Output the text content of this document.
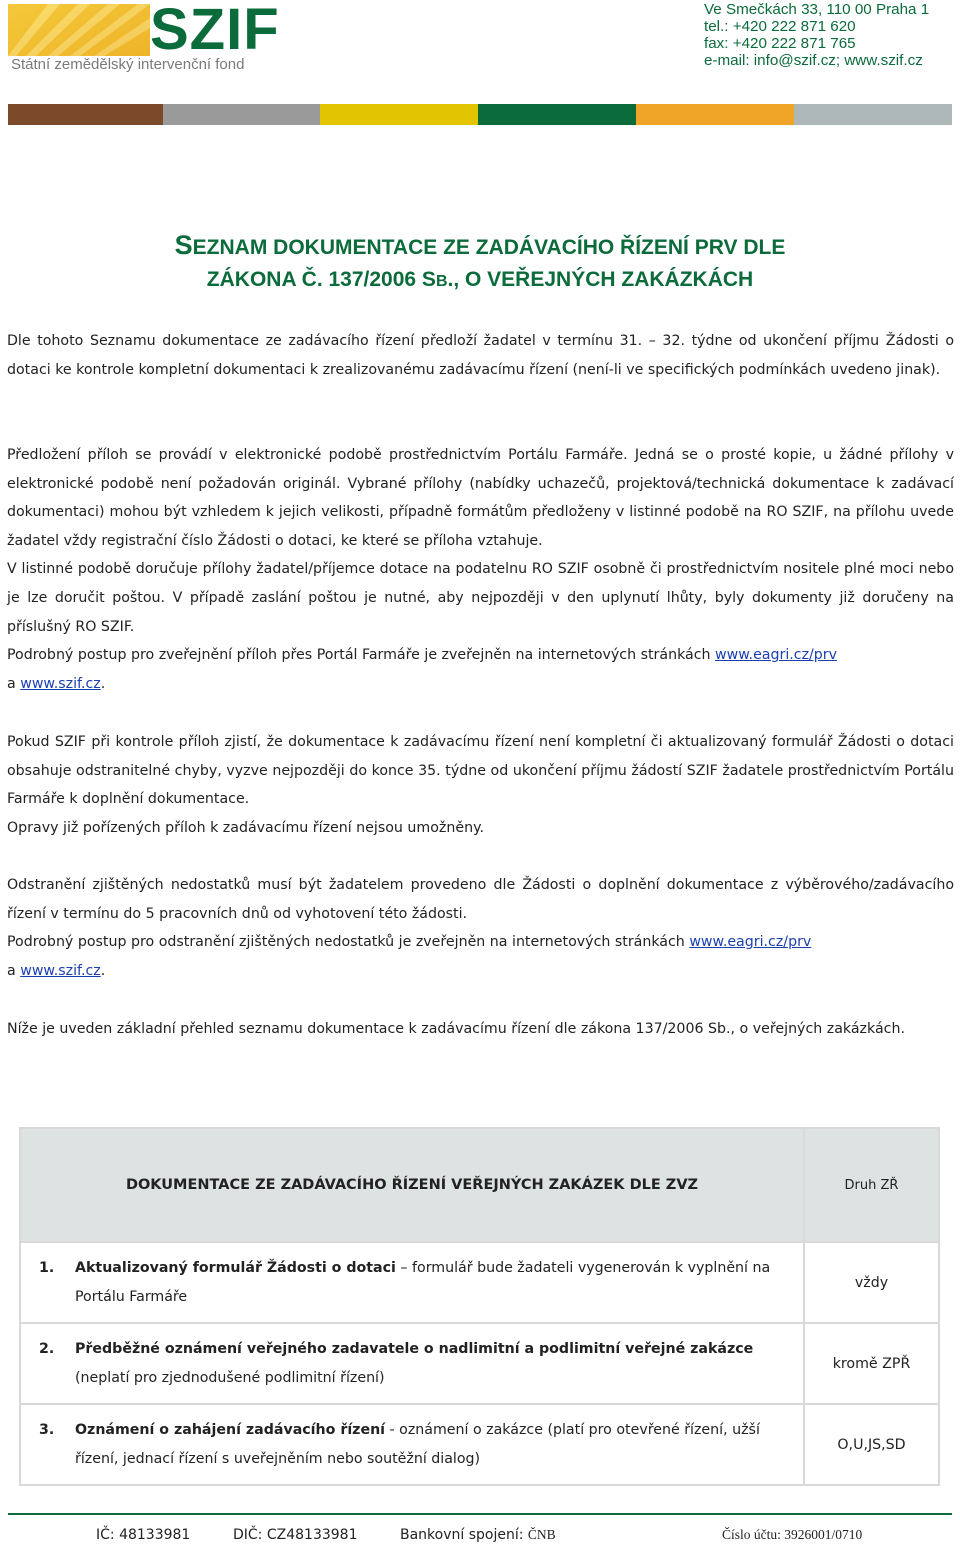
SZIF
Státní zemědělský intervenční fond
Ve Smečkách 33, 110 00 Praha 1
tel.: +420 222 871 620
fax: +420 222 871 765
e-mail: info@szif.cz; www.szif.cz
SEZNAM DOKUMENTACE ZE ZADÁVACÍHO ŘÍZENÍ PRV DLE
ZÁKONA Č. 137/2006 SB., O VEŘEJNÝCH ZAKÁZKÁCH

Dle tohoto Seznamu dokumentace ze zadávacího řízení předloží žadatel v termínu 31. – 32. týdne od ukončení příjmu Žádosti o dotaci ke kontrole kompletní dokumentaci k zrealizovanému zadávacímu řízení (není-li ve specifických podmínkách uvedeno jinak).

Předložení příloh se provádí v elektronické podobě prostřednictvím Portálu Farmáře. Jedná se o prosté kopie, u žádné přílohy v elektronické podobě není požadován originál. Vybrané přílohy (nabídky uchazečů, projektová/technická dokumentace k zadávací dokumentaci) mohou být vzhledem k jejich velikosti, případně formátům předloženy v listinné podobě na RO SZIF, na přílohu uvede žadatel vždy registrační číslo Žádosti o dotaci, ke které se příloha vztahuje.

V listinné podobě doručuje přílohy žadatel/příjemce dotace na podatelnu RO SZIF osobně či prostřednictvím nositele plné moci nebo je lze doručit poštou. V případě zaslání poštou je nutné, aby nejpozději v den uplynutí lhůty, byly dokumenty již doručeny na příslušný RO SZIF.

Podrobný postup pro zveřejnění příloh přes Portál Farmáře je zveřejněn na internetových stránkách www.eagri.cz/prv

a www.szif.cz.

Pokud SZIF při kontrole příloh zjistí, že dokumentace k zadávacímu řízení není kompletní či aktualizovaný formulář Žádosti o dotaci obsahuje odstranitelné chyby, vyzve nejpozději do konce 35. týdne od ukončení příjmu žádostí SZIF žadatele prostřednictvím Portálu Farmáře k doplnění dokumentace.

Opravy již pořízených příloh k zadávacímu řízení nejsou umožněny.

Odstranění zjištěných nedostatků musí být žadatelem provedeno dle Žádosti o doplnění dokumentace z výběrového/zadávacího řízení v termínu do 5 pracovních dnů od vyhotovení této žádosti.

Podrobný postup pro odstranění zjištěných nedostatků je zveřejněn na internetových stránkách www.eagri.cz/prv

a www.szif.cz.

Níže je uveden základní přehled seznamu dokumentace k zadávacímu řízení dle zákona 137/2006 Sb., o veřejných zakázkách.

DOKUMENTACE ZE ZADÁVACÍHO ŘÍZENÍ VEŘEJNÝCH ZAKÁZEK DLE ZVZ	Druh ZŘ
1. Aktualizovaný formulář Žádosti o dotaci – formulář bude žadateli vygenerován k vyplnění na Portálu Farmáře	vždy
2. Předběžné oznámení veřejného zadavatele o nadlimitní a podlimitní veřejné zakázce (neplatí pro zjednodušené podlimitní řízení)	kromě ZPŘ
3. Oznámení o zahájení zadávacího řízení - oznámení o zakázce (platí pro otevřené řízení, užší řízení, jednací řízení s uveřejněním nebo soutěžní dialog)	O,U,JS,SD
IČ: 48133981	DIČ: CZ48133981	Bankovní spojení: ČNB	Číslo účtu: 3926001/0710
